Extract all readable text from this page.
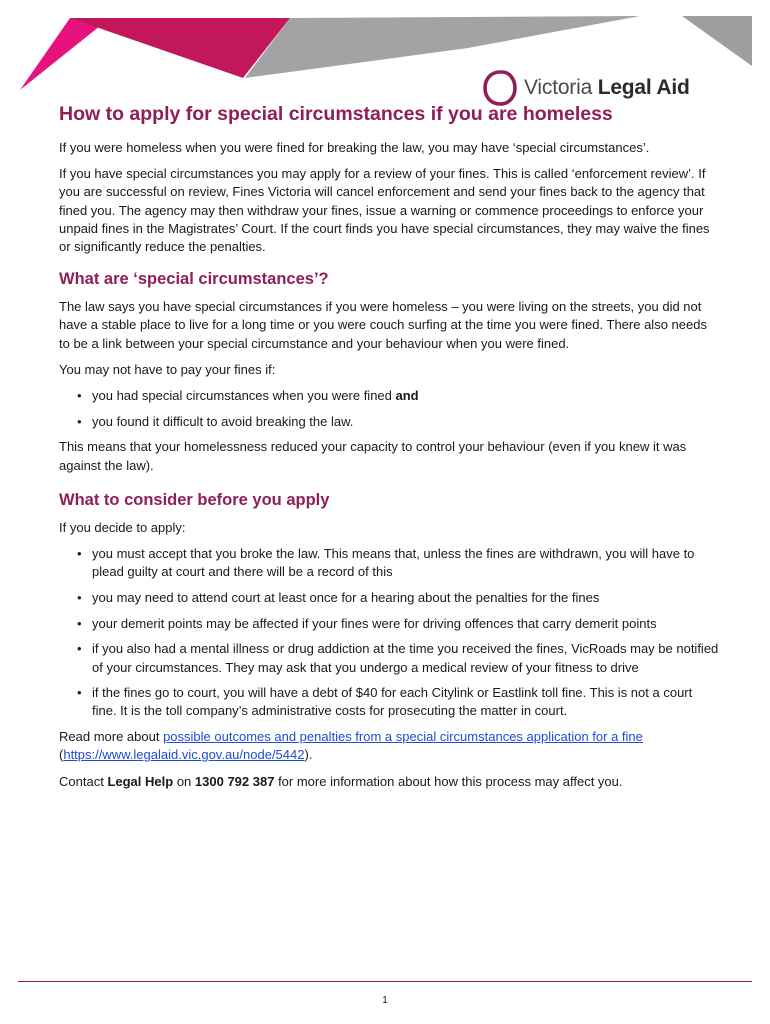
Victoria Legal Aid
How to apply for special circumstances if you are homeless

If you were homeless when you were fined for breaking the law, you may have ‘special circumstances’.

If you have special circumstances you may apply for a review of your fines. This is called ‘enforcement review’. If you are successful on review, Fines Victoria will cancel enforcement and send your fines back to the agency that fined you. The agency may then withdraw your fines, issue a warning or commence proceedings to enforce your unpaid fines in the Magistrates’ Court. If the court finds you have special circumstances, they may waive the fines or significantly reduce the penalties.

What are ‘special circumstances’?

The law says you have special circumstances if you were homeless – you were living on the streets, you did not have a stable place to live for a long time or you were couch surfing at the time you were fined. There also needs to be a link between your special circumstance and your behaviour when you were fined.

You may not have to pay your fines if:

• you had special circumstances when you were fined and
• you found it difficult to avoid breaking the law.

This means that your homelessness reduced your capacity to control your behaviour (even if you knew it was against the law).

What to consider before you apply

If you decide to apply:

• you must accept that you broke the law. This means that, unless the fines are withdrawn, you will have to plead guilty at court and there will be a record of this
• you may need to attend court at least once for a hearing about the penalties for the fines
• your demerit points may be affected if your fines were for driving offences that carry demerit points
• if you also had a mental illness or drug addiction at the time you received the fines, VicRoads may be notified of your circumstances. They may ask that you undergo a medical review of your fitness to drive
• if the fines go to court, you will have a debt of $40 for each Citylink or Eastlink toll fine. This is not a court fine. It is the toll company’s administrative costs for prosecuting the matter in court.

Read more about possible outcomes and penalties from a special circumstances application for a fine
(https://www.legalaid.vic.gov.au/node/5442).

Contact Legal Help on 1300 792 387 for more information about how this process may affect you.

1
